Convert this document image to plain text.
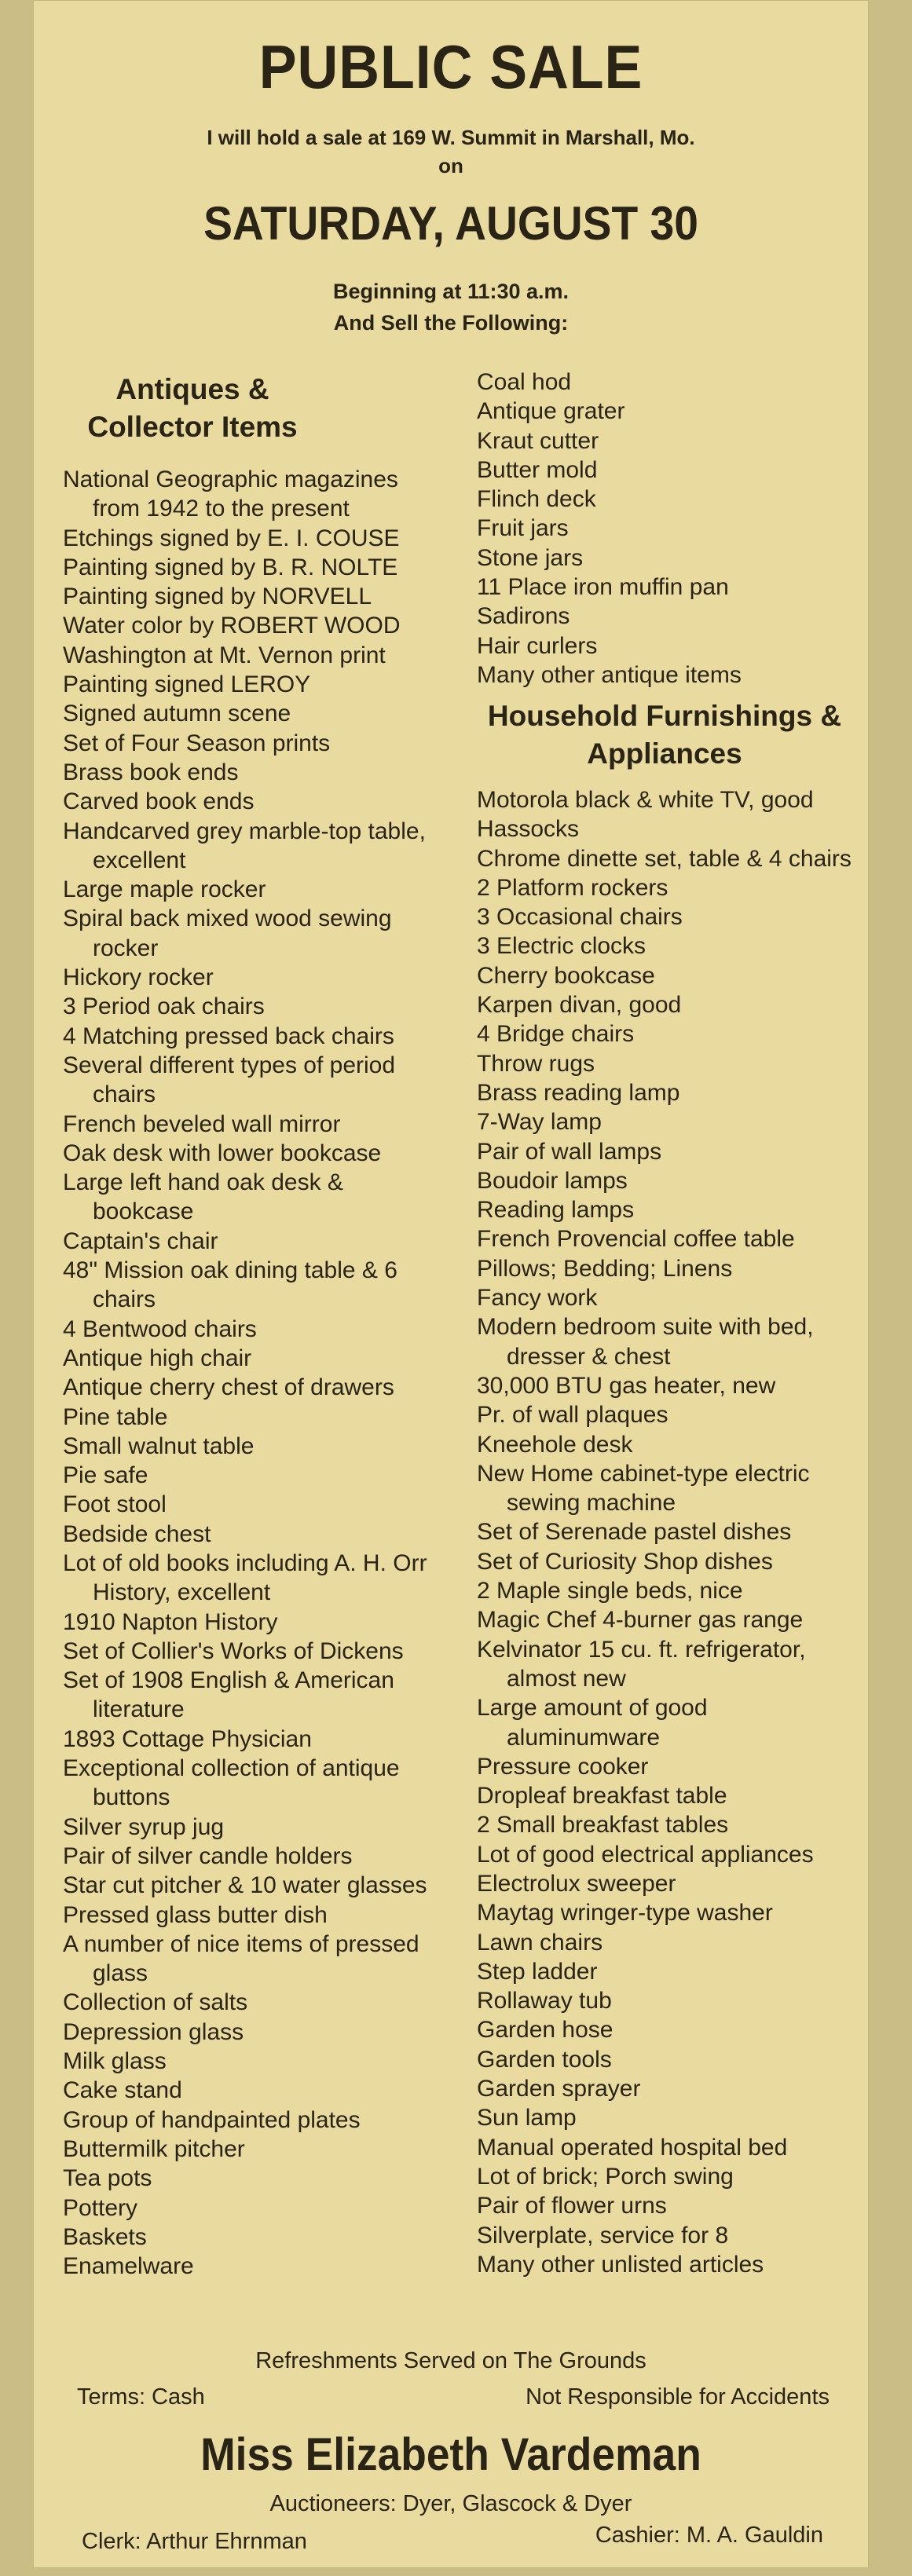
PUBLIC SALE
I will hold a sale at 169 W. Summit in Marshall, Mo.
on
SATURDAY, AUGUST 30
Beginning at 11:30 a.m.
And Sell the Following:
Antiques & Collector Items
National Geographic magazines from 1942 to the present
Etchings signed by E. I. COUSE
Painting signed by B. R. NOLTE
Painting signed by NORVELL
Water color by ROBERT WOOD
Washington at Mt. Vernon print
Painting signed LEROY
Signed autumn scene
Set of Four Season prints
Brass book ends
Carved book ends
Handcarved grey marble-top table, excellent
Large maple rocker
Spiral back mixed wood sewing rocker
Hickory rocker
3 Period oak chairs
4 Matching pressed back chairs
Several different types of period chairs
French beveled wall mirror
Oak desk with lower bookcase
Large left hand oak desk & bookcase
Captain's chair
48" Mission oak dining table & 6 chairs
4 Bentwood chairs
Antique high chair
Antique cherry chest of drawers
Pine table
Small walnut table
Pie safe
Foot stool
Bedside chest
Lot of old books including A. H. Orr History, excellent
1910 Napton History
Set of Collier's Works of Dickens
Set of 1908 English & American literature
1893 Cottage Physician
Exceptional collection of antique buttons
Silver syrup jug
Pair of silver candle holders
Star cut pitcher & 10 water glasses
Pressed glass butter dish
A number of nice items of pressed glass
Collection of salts
Depression glass
Milk glass
Cake stand
Group of handpainted plates
Buttermilk pitcher
Tea pots
Pottery
Baskets
Enamelware
Coal hod
Antique grater
Kraut cutter
Butter mold
Flinch deck
Fruit jars
Stone jars
11 Place iron muffin pan
Sadirons
Hair curlers
Many other antique items
Household Furnishings & Appliances
Motorola black & white TV, good
Hassocks
Chrome dinette set, table & 4 chairs
2 Platform rockers
3 Occasional chairs
3 Electric clocks
Cherry bookcase
Karpen divan, good
4 Bridge chairs
Throw rugs
Brass reading lamp
7-Way lamp
Pair of wall lamps
Boudoir lamps
Reading lamps
French Provencial coffee table
Pillows; Bedding; Linens
Fancy work
Modern bedroom suite with bed, dresser & chest
30,000 BTU gas heater, new
Pr. of wall plaques
Kneehole desk
New Home cabinet-type electric sewing machine
Set of Serenade pastel dishes
Set of Curiosity Shop dishes
2 Maple single beds, nice
Magic Chef 4-burner gas range
Kelvinator 15 cu. ft. refrigerator, almost new
Large amount of good aluminumware
Pressure cooker
Dropleaf breakfast table
2 Small breakfast tables
Lot of good electrical appliances
Electrolux sweeper
Maytag wringer-type washer
Lawn chairs
Step ladder
Rollaway tub
Garden hose
Garden tools
Garden sprayer
Sun lamp
Manual operated hospital bed
Lot of brick; Porch swing
Pair of flower urns
Silverplate, service for 8
Many other unlisted articles
Refreshments Served on The Grounds
Terms: Cash	Not Responsible for Accidents
Miss Elizabeth Vardeman
Auctioneers: Dyer, Glascock & Dyer
Clerk: Arthur Ehrnman	Cashier: M. A. Gauldin
